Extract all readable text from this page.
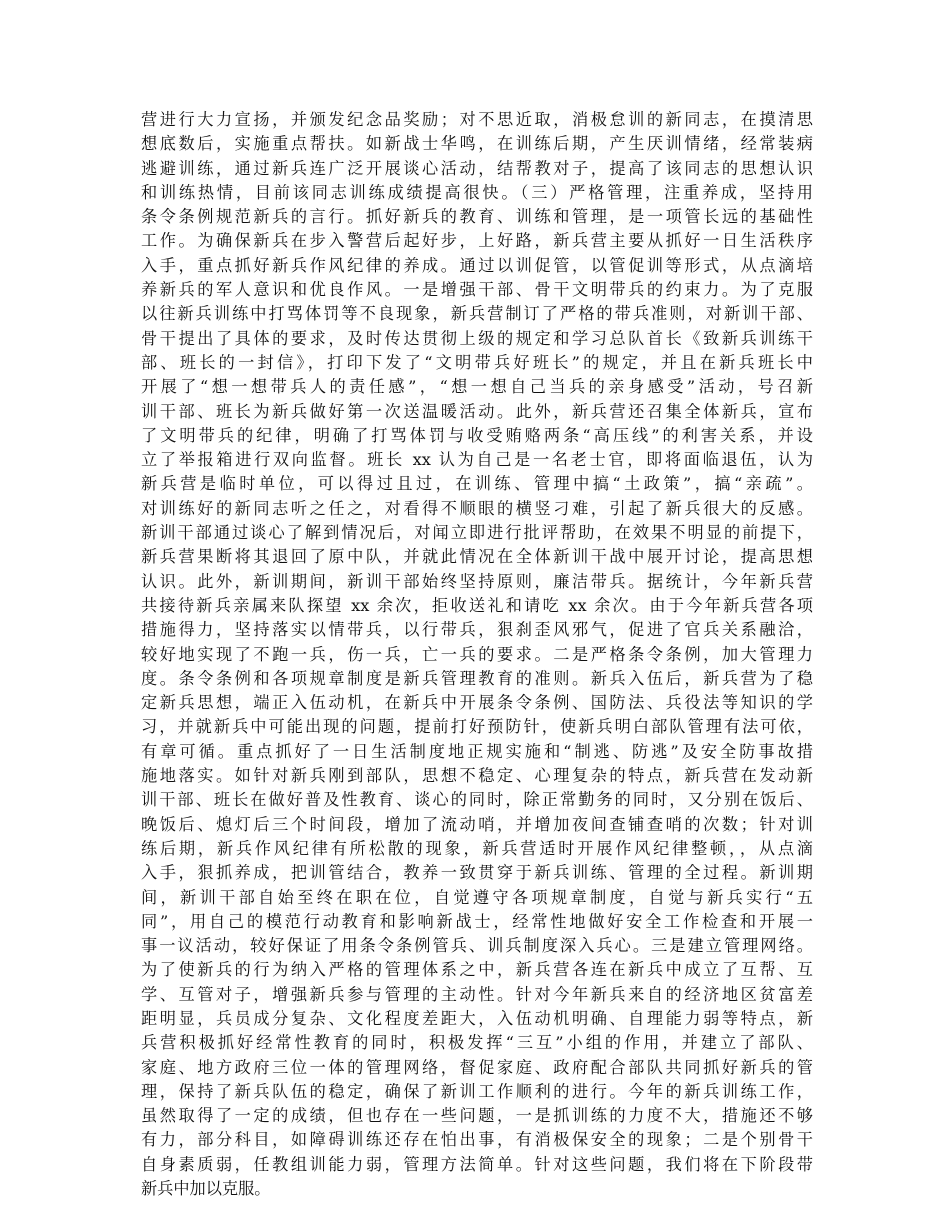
营进行大力宣扬，并颁发纪念品奖励；对不思近取，消极怠训的新同志，在摸清思
想底数后，实施重点帮扶。如新战士华鸣，在训练后期，产生厌训情绪，经常装病
逃避训练，通过新兵连广泛开展谈心活动，结帮教对子，提高了该同志的思想认识
和训练热情，目前该同志训练成绩提高很快。（三）严格管理，注重养成，坚持用
条令条例规范新兵的言行。抓好新兵的教育、训练和管理，是一项管长远的基础性
工作。为确保新兵在步入警营后起好步，上好路，新兵营主要从抓好一日生活秩序
入手，重点抓好新兵作风纪律的养成。通过以训促管，以管促训等形式，从点滴培
养新兵的军人意识和优良作风。一是增强干部、骨干文明带兵的约束力。为了克服
以往新兵训练中打骂体罚等不良现象，新兵营制订了严格的带兵准则，对新训干部、
骨干提出了具体的要求，及时传达贯彻上级的规定和学习总队首长《致新兵训练干
部、班长的一封信》，打印下发了“文明带兵好班长”的规定，并且在新兵班长中
开展了“想一想带兵人的责任感”，“想一想自己当兵的亲身感受”活动，号召新
训干部、班长为新兵做好第一次送温暖活动。此外，新兵营还召集全体新兵，宣布
了文明带兵的纪律，明确了打骂体罚与收受贿赂两条“高压线”的利害关系，并设
立了举报箱进行双向监督。班长 xx 认为自己是一名老士官，即将面临退伍，认为
新兵营是临时单位，可以得过且过，在训练、管理中搞“土政策”，搞“亲疏”。
对训练好的新同志听之任之，对看得不顺眼的横竖刁难，引起了新兵很大的反感。
新训干部通过谈心了解到情况后，对闻立即进行批评帮助，在效果不明显的前提下，
新兵营果断将其退回了原中队，并就此情况在全体新训干战中展开讨论，提高思想
认识。此外，新训期间，新训干部始终坚持原则，廉洁带兵。据统计，今年新兵营
共接待新兵亲属来队探望 xx 余次，拒收送礼和请吃 xx 余次。由于今年新兵营各项
措施得力，坚持落实以情带兵，以行带兵，狠刹歪风邪气，促进了官兵关系融洽，
较好地实现了不跑一兵，伤一兵，亡一兵的要求。二是严格条令条例，加大管理力
度。条令条例和各项规章制度是新兵管理教育的准则。新兵入伍后，新兵营为了稳
定新兵思想，端正入伍动机，在新兵中开展条令条例、国防法、兵役法等知识的学
习，并就新兵中可能出现的问题，提前打好预防针，使新兵明白部队管理有法可依，
有章可循。重点抓好了一日生活制度地正规实施和“制逃、防逃”及安全防事故措
施地落实。如针对新兵刚到部队，思想不稳定、心理复杂的特点，新兵营在发动新
训干部、班长在做好普及性教育、谈心的同时，除正常勤务的同时，又分别在饭后、
晚饭后、熄灯后三个时间段，增加了流动哨，并增加夜间查铺查哨的次数；针对训
练后期，新兵作风纪律有所松散的现象，新兵营适时开展作风纪律整顿，，从点滴
入手，狠抓养成，把训管结合，教养一致贯穿于新兵训练、管理的全过程。新训期
间，新训干部自始至终在职在位，自觉遵守各项规章制度，自觉与新兵实行“五
同”，用自己的模范行动教育和影响新战士，经常性地做好安全工作检查和开展一
事一议活动，较好保证了用条令条例管兵、训兵制度深入兵心。三是建立管理网络。
为了使新兵的行为纳入严格的管理体系之中，新兵营各连在新兵中成立了互帮、互
学、互管对子，增强新兵参与管理的主动性。针对今年新兵来自的经济地区贫富差
距明显，兵员成分复杂、文化程度差距大，入伍动机明确、自理能力弱等特点，新
兵营积极抓好经常性教育的同时，积极发挥“三互”小组的作用，并建立了部队、
家庭、地方政府三位一体的管理网络，督促家庭、政府配合部队共同抓好新兵的管
理，保持了新兵队伍的稳定，确保了新训工作顺利的进行。今年的新兵训练工作，
虽然取得了一定的成绩，但也存在一些问题，一是抓训练的力度不大，措施还不够
有力，部分科目，如障碍训练还存在怕出事，有消极保安全的现象；二是个别骨干
自身素质弱，任教组训能力弱，管理方法简单。针对这些问题，我们将在下阶段带
新兵中加以克服。
